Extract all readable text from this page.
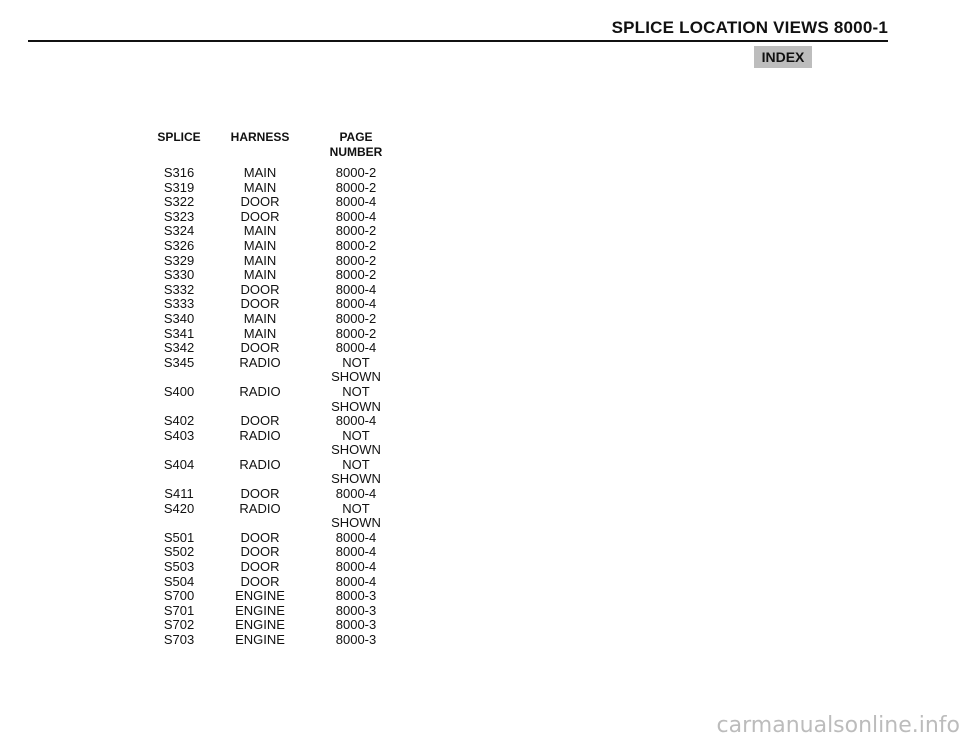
SPLICE LOCATION VIEWS 8000-1
INDEX
SPLICE	HARNESS	PAGE
NUMBER
S316	MAIN	8000-2
S319	MAIN	8000-2
S322	DOOR	8000-4
S323	DOOR	8000-4
S324	MAIN	8000-2
S326	MAIN	8000-2
S329	MAIN	8000-2
S330	MAIN	8000-2
S332	DOOR	8000-4
S333	DOOR	8000-4
S340	MAIN	8000-2
S341	MAIN	8000-2
S342	DOOR	8000-4
S345	RADIO	NOT
SHOWN
S400	RADIO	NOT
SHOWN
S402	DOOR	8000-4
S403	RADIO	NOT
SHOWN
S404	RADIO	NOT
SHOWN
S411	DOOR	8000-4
S420	RADIO	NOT
SHOWN
S501	DOOR	8000-4
S502	DOOR	8000-4
S503	DOOR	8000-4
S504	DOOR	8000-4
S700	ENGINE	8000-3
S701	ENGINE	8000-3
S702	ENGINE	8000-3
S703	ENGINE	8000-3
carmanualsonline.info
